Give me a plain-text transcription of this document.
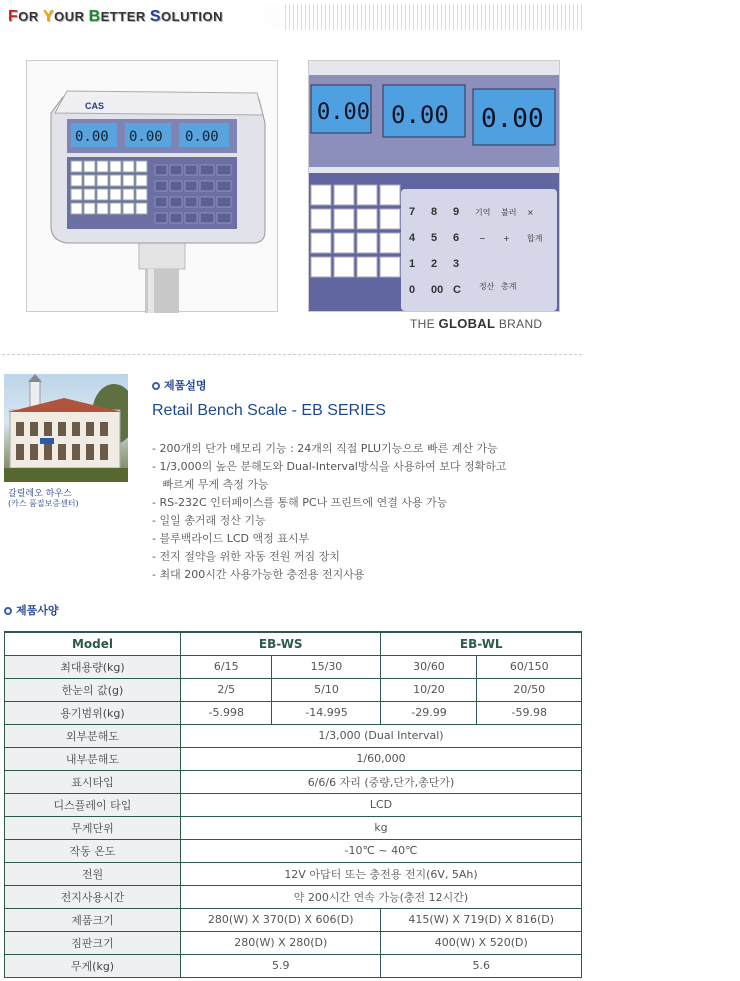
FOR YOUR BETTER SOLUTION
CAS
0.00 0.00 0.00
0.00 0.00 0.00
7 8 9
4 5 6
1 2 3
0 00 C
기억 불러 ×
− + 합계
정산 총계
THE GLOBAL BRAND
갈릴레오 하우스
(카스 품질보증센터)
제품설명
Retail Bench Scale - EB SERIES
- 200개의 단가 메모리 기능 : 24개의 직접 PLU기능으로 빠른 계산 가능
- 1/3,000의 높은 분해도와 Dual-Interval방식을 사용하여 보다 정확하고
빠르게 무게 측정 가능
- RS-232C 인터페이스를 통해 PC나 프린트에 연결 사용 가능
- 일일 총거래 정산 기능
- 블루백라이드 LCD 액정 표시부
- 전지 절약을 위한 자동 전원 꺼짐 장치
- 최대 200시간 사용가능한 충전용 전지사용
제품사양
Model	EB-WS		EB-WL	
최대용량(kg)	6/15	15/30	30/60	60/150
한눈의 값(g)	2/5	5/10	10/20	20/50
용기범위(kg)	-5.998	-14.995	-29.99	-59.98
외부분해도	1/3,000 (Dual Interval)			
내부분해도	1/60,000			
표시타입	6/6/6 자리 (중량,단가,총단가)			
디스플레이 타입	LCD			
무게단위	kg			
작동 온도	-10℃ ~ 40℃			
전원	12V 아답터 또는 충전용 전지(6V, 5Ah)			
전지사용시간	약 200시간 연속 가능(충전 12시간)			
제품크기	280(W) X 370(D) X 606(D)		415(W) X 719(D) X 816(D)	
짐판크기	280(W) X 280(D)		400(W) X 520(D)	
무게(kg)	5.9		5.6	
